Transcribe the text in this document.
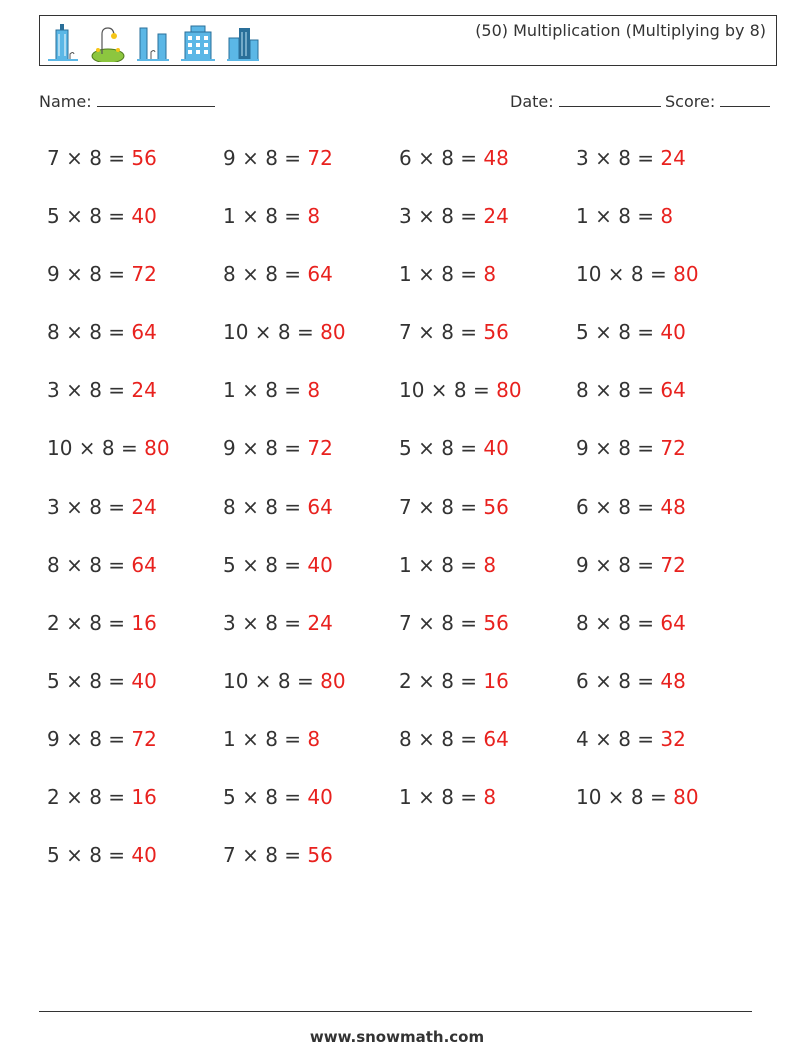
(50) Multiplication (Multiplying by 8)
Name:	Date:	Score:
7 × 8 = 56	9 × 8 = 72	6 × 8 = 48	3 × 8 = 24
5 × 8 = 40	1 × 8 = 8	3 × 8 = 24	1 × 8 = 8
9 × 8 = 72	8 × 8 = 64	1 × 8 = 8	10 × 8 = 80
8 × 8 = 64	10 × 8 = 80	7 × 8 = 56	5 × 8 = 40
3 × 8 = 24	1 × 8 = 8	10 × 8 = 80	8 × 8 = 64
10 × 8 = 80	9 × 8 = 72	5 × 8 = 40	9 × 8 = 72
3 × 8 = 24	8 × 8 = 64	7 × 8 = 56	6 × 8 = 48
8 × 8 = 64	5 × 8 = 40	1 × 8 = 8	9 × 8 = 72
2 × 8 = 16	3 × 8 = 24	7 × 8 = 56	8 × 8 = 64
5 × 8 = 40	10 × 8 = 80	2 × 8 = 16	6 × 8 = 48
9 × 8 = 72	1 × 8 = 8	8 × 8 = 64	4 × 8 = 32
2 × 8 = 16	5 × 8 = 40	1 × 8 = 8	10 × 8 = 80
5 × 8 = 40	7 × 8 = 56
www.snowmath.com
